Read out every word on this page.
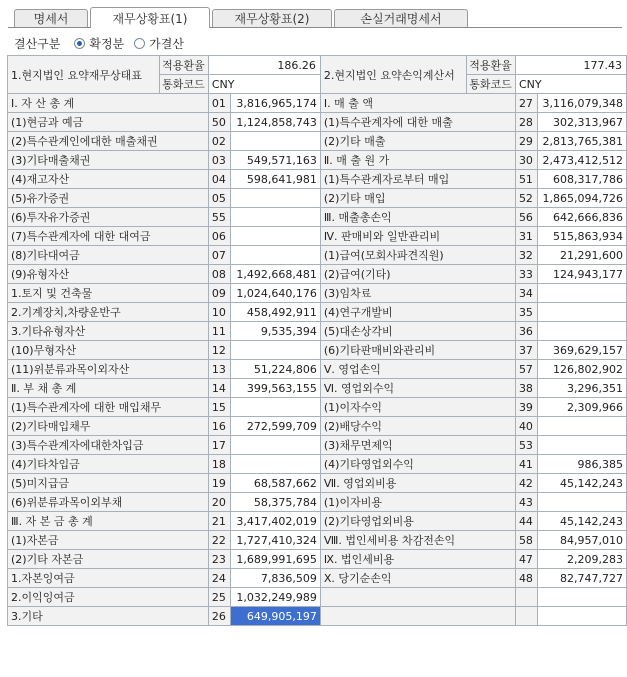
명세서	재무상황표(1)	재무상황표(2)	손실거래명세서
결산구분 확정분 가결산
1.현지법인 요약재무상태표	적용환율	186.26		2.현지법인 요약손익계산서	적용환율	177.43	
	통화코드	CNY			통화코드	CNY	
Ⅰ. 자 산 총 계		01	3,816,965,174	Ⅰ. 매 출 액		27	3,116,079,348
(1)현금과 예금		50	1,124,858,743	(1)특수관계자에 대한 매출		28	302,313,967
(2)특수관계인에대한 매출채권		02		(2)기타 매출		29	2,813,765,381
(3)기타매출채권		03	549,571,163	Ⅱ. 매 출 원 가		30	2,473,412,512
(4)재고자산		04	598,641,981	(1)특수관계자로부터 매입		51	608,317,786
(5)유가증권		05		(2)기타 매입		52	1,865,094,726
(6)투자유가증권		55		Ⅲ. 매출총손익		56	642,666,836
(7)특수관계자에 대한 대여금		06		Ⅳ. 판매비와 일반관리비		31	515,863,934
(8)기타대여금		07		(1)급여(모회사파견직원)		32	21,291,600
(9)유형자산		08	1,492,668,481	(2)급여(기타)		33	124,943,177
1.토지 및 건축물		09	1,024,640,176	(3)임차료		34	
2.기계장치,차량운반구		10	458,492,911	(4)연구개발비		35	
3.기타유형자산		11	9,535,394	(5)대손상각비		36	
(10)무형자산		12		(6)기타판매비와관리비		37	369,629,157
(11)위분류과목이외자산		13	51,224,806	Ⅴ. 영업손익		57	126,802,902
Ⅱ. 부 채 총 계		14	399,563,155	Ⅵ. 영업외수익		38	3,296,351
(1)특수관계자에 대한 매입채무		15		(1)이자수익		39	2,309,966
(2)기타매입채무		16	272,599,709	(2)배당수익		40	
(3)특수관계자에대한차입금		17		(3)채무면제익		53	
(4)기타차입금		18		(4)기타영업외수익		41	986,385
(5)미지급금		19	68,587,662	Ⅶ. 영업외비용		42	45,142,243
(6)위분류과목이외부채		20	58,375,784	(1)이자비용		43	
Ⅲ. 자 본 금 총 계		21	3,417,402,019	(2)기타영업외비용		44	45,142,243
(1)자본금		22	1,727,410,324	Ⅷ. 법인세비용 차감전손익		58	84,957,010
(2)기타 자본금		23	1,689,991,695	Ⅸ. 법인세비용		47	2,209,283
1.자본잉여금		24	7,836,509	Ⅹ. 당기순손익		48	82,747,727
2.이익잉여금		25	1,032,249,989				
3.기타		26	649,905,197				
